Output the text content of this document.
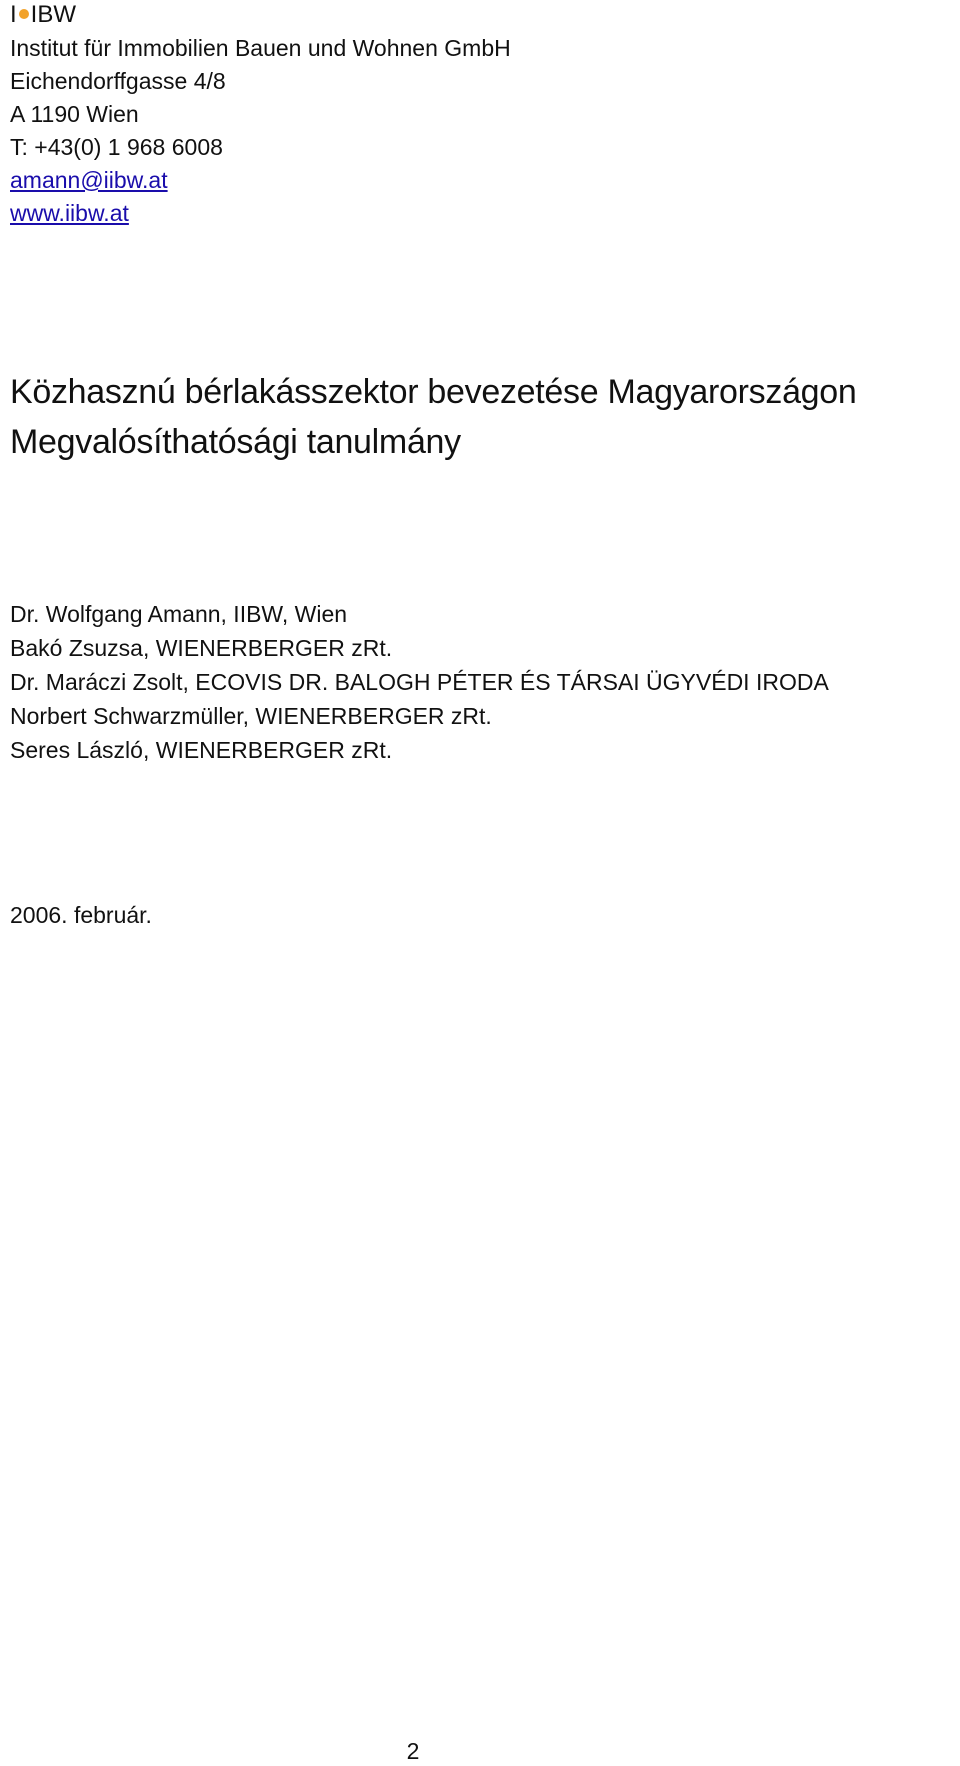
I IBW
Institut für Immobilien Bauen und Wohnen GmbH
Eichendorffgasse 4/8
A 1190 Wien
T: +43(0) 1 968 6008
amann@iibw.at
www.iibw.at
Közhasznú bérlakásszektor bevezetése Magyarországon
Megvalósíthatósági tanulmány
Dr. Wolfgang Amann, IIBW, Wien
Bakó Zsuzsa, WIENERBERGER zRt.
Dr. Maráczi Zsolt, ECOVIS DR. BALOGH PÉTER ÉS TÁRSAI ÜGYVÉDI IRODA
Norbert Schwarzmüller, WIENERBERGER zRt.
Seres László, WIENERBERGER zRt.
2006. február.
2
